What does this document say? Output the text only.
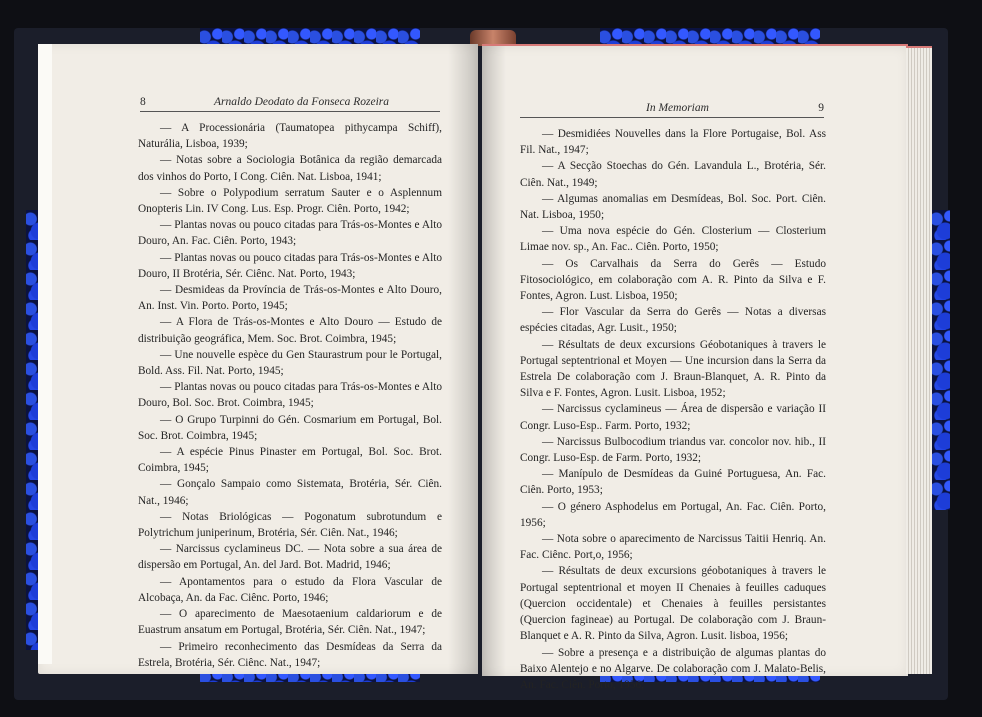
8	Arnaldo Deodato da Fonseca Rozeira	In Memoriam	9

— A Processionária (Taumatopea pithycampa Schiff), Naturália, Lisboa, 1939;

— Notas sobre a Sociologia Botânica da região demarcada dos vinhos do Porto, I Cong. Ciên. Nat. Lisboa, 1941;

— Sobre o Polypodium serratum Sauter e o Asplennum Onopteris Lin. IV Cong. Lus. Esp. Progr. Ciên. Porto, 1942;

— Plantas novas ou pouco citadas para Trás-os-Montes e Alto Douro, An. Fac. Ciên. Porto, 1943;

— Plantas novas ou pouco citadas para Trás-os-Montes e Alto Douro, II Brotéria, Sér. Ciênc. Nat. Porto, 1943;

— Desmideas da Província de Trás-os-Montes e Alto Douro, An. Inst. Vin. Porto. Porto, 1945;

— A Flora de Trás-os-Montes e Alto Douro — Estudo de distribuição geográfica, Mem. Soc. Brot. Coimbra, 1945;

— Une nouvelle espèce du Gen Staurastrum pour le Portugal, Bold. Ass. Fil. Nat. Porto, 1945;

— Plantas novas ou pouco citadas para Trás-os-Montes e Alto Douro, Bol. Soc. Brot. Coimbra, 1945;

— O Grupo Turpinni do Gén. Cosmarium em Portugal, Bol. Soc. Brot. Coimbra, 1945;

— A espécie Pinus Pinaster em Portugal, Bol. Soc. Brot. Coimbra, 1945;

— Gonçalo Sampaio como Sistemata, Brotéria, Sér. Ciên. Nat., 1946;

— Notas Briológicas — Pogonatum subrotundum e Polytrichum juniperinum, Brotéria, Sér. Ciên. Nat., 1946;

— Narcissus cyclamineus DC. — Nota sobre a sua área de dispersão em Portugal, An. del Jard. Bot. Madrid, 1946;

— Apontamentos para o estudo da Flora Vascular de Alcobaça, An. da Fac. Ciênc. Porto, 1946;

— O aparecimento de Maesotaenium caldariorum e de Euastrum ansatum em Portugal, Brotéria, Sér. Ciên. Nat., 1947;

— Primeiro reconhecimento das Desmídeas da Serra da Estrela, Brotéria, Sér. Ciênc. Nat., 1947;

— Desmidiées Nouvelles dans la Flore Portugaise, Bol. Ass Fil. Nat., 1947;

— A Secção Stoechas do Gén. Lavandula L., Brotéria, Sér. Ciên. Nat., 1949;

— Algumas anomalias em Desmídeas, Bol. Soc. Port. Ciên. Nat. Lisboa, 1950;

— Uma nova espécie do Gén. Closterium — Closterium Limae nov. sp., An. Fac.. Ciên. Porto, 1950;

— Os Carvalhais da Serra do Gerês — Estudo Fitosociológico, em colaboração com A. R. Pinto da Silva e F. Fontes, Agron. Lust. Lisboa, 1950;

— Flor Vascular da Serra do Gerês — Notas a diversas espécies citadas, Agr. Lusit., 1950;

— Résultats de deux excursions Géobotaniques à travers le Portugal septentrional et Moyen — Une incursion dans la Serra da Estrela De colaboração com J. Braun-Blanquet, A. R. Pinto da Silva e F. Fontes, Agron. Lusit. Lisboa, 1952;

— Narcissus cyclamineus — Área de dispersão e variação II Congr. Luso-Esp.. Farm. Porto, 1932;

— Narcissus Bulbocodium triandus var. concolor nov. hib., II Congr. Luso-Esp. de Farm. Porto, 1932;

— Manípulo de Desmídeas da Guiné Portuguesa, An. Fac. Ciên. Porto, 1953;

— O género Asphodelus em Portugal, An. Fac. Ciên. Porto, 1956;

— Nota sobre o aparecimento de Narcissus Taitii Henriq. An. Fac. Ciênc. Port,o, 1956;

— Résultats de deux excursions géobotaniques à travers le Portugal septentrional et moyen II Chenaies à feuilles caduques (Quercion occidentale) et Chenaies à feuilles persistantes (Quercion fagineae) au Portugal. De colaboração com J. Braun-Blanquet e A. R. Pinto da Silva, Agron. Lusit. lisboa, 1956;

— Sobre a presença e a distribuição de algumas plantas do Baixo Alentejo e no Algarve. De colaboração com J. Malato-Belis, An. Fac. Ciên. Porto, 1956;
